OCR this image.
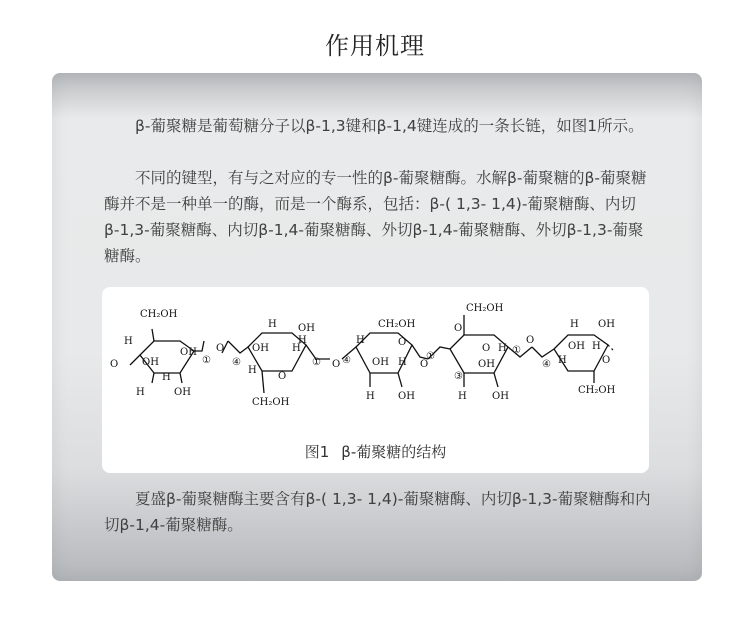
作用机理

β-葡聚糖是葡萄糖分子以β-1,3键和β-1,4键连成的一条长链，如图1所示。

不同的键型，有与之对应的专一性的β-葡聚糖酶。水解β-葡聚糖的β-葡聚糖酶并不是一种单一的酶，而是一个酶系，包括：β-( 1,3- 1,4)-葡聚糖酶、内切β-1,3-葡聚糖酶、内切β-1,4-葡聚糖酶、外切β-1,4-葡聚糖酶、外切β-1,3-葡聚糖酶。

CH₂OH
H
O OH
H
OH
H	OH
①
O
④
H OH
OH H
H
H
O
① O ④
CH₂OH
CH₂OH
H	O
OH H
H OH
O
①
CH₂OH
O
O
③
H
OH
H	OH
①
O
④
H OH
OH H
H	O
CH₂OH
图1 β-葡聚糖的结构

夏盛β-葡聚糖酶主要含有β-( 1,3- 1,4)-葡聚糖酶、内切β-1,3-葡聚糖酶和内切β-1,4-葡聚糖酶。
